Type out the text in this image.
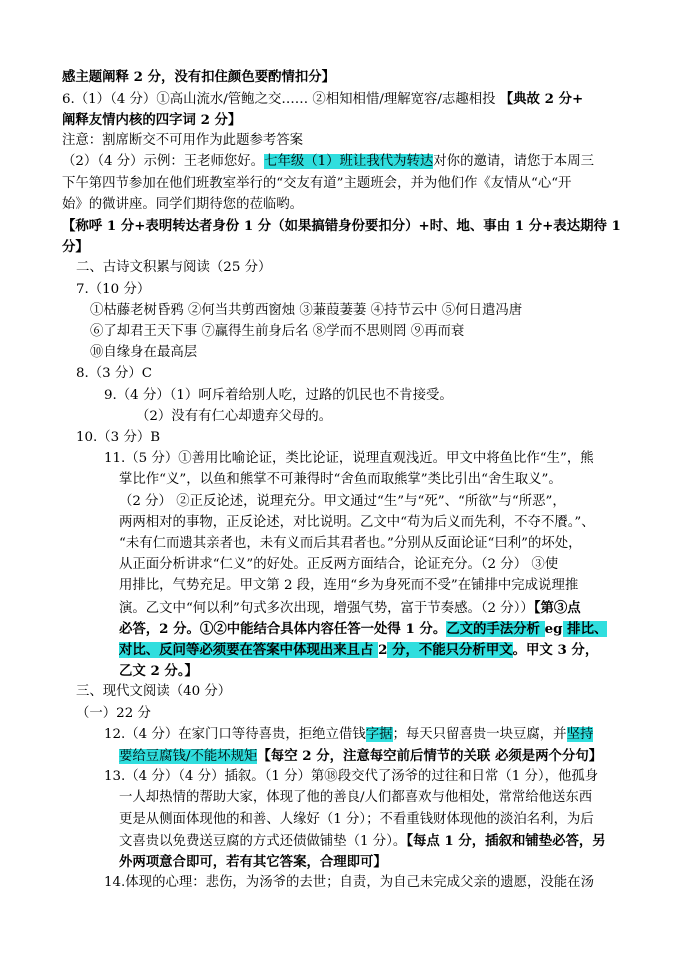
感主题阐释 2 分，没有扣住颜色要酌情扣分】
6.（1）（4 分）①高山流水/管鲍之交…… ②相知相惜/理解宽容/志趣相投 【典故 2 分+
阐释友情内核的四字词 2 分】
注意：割席断交不可用作为此题参考答案
（2）（4 分）示例：王老师您好。七年级（1）班让我代为转达对你的邀请，请您于本周三
下午第四节参加在他们班教室举行的“交友有道”主题班会，并为他们作《友情从“心“开
始》的微讲座。同学们期待您的莅临哟。
【称呼 1 分+表明转达者身份 1 分（如果搞错身份要扣分）+时、地、事由 1 分+表达期待 1
分】
二、古诗文积累与阅读（25 分）
7.（10 分）
①枯藤老树昏鸦 ②何当共剪西窗烛 ③蒹葭萋萋 ④持节云中 ⑤何日遣冯唐
⑥了却君王天下事 ⑦赢得生前身后名 ⑧学而不思则罔 ⑨再而衰
⑩自缘身在最高层
8.（3 分）C
9.（4 分）（1）呵斥着给别人吃，过路的饥民也不肯接受。
（2）没有有仁心却遗弃父母的。
10.（3 分）B
11.（5 分）①善用比喻论证，类比论证，说理直观浅近。甲文中将鱼比作“生”，熊
掌比作“义”，以鱼和熊掌不可兼得时“舍鱼而取熊掌”类比引出“舍生取义”。
（2 分） ②正反论述，说理充分。甲文通过“生”与“死”、“所欲”与“所恶”，
两两相对的事物，正反论述，对比说明。乙文中“苟为后义而先利，不夺不餍。”、
“未有仁而遗其亲者也，未有义而后其君者也。”分别从反面论证“曰利”的坏处，
从正面分析讲求“仁义”的好处。正反两方面结合，论证充分。（2 分） ③使
用排比，气势充足。甲文第 2 段，连用“乡为身死而不受”在铺排中完成说理推
演。乙文中“何以利”句式多次出现，增强气势，富于节奏感。（2 分））【第③点
必答，2 分。①②中能结合具体内容任答一处得 1 分。乙文的手法分析 eg 排比、
对比、反问等必须要在答案中体现出来且占 2 分，不能只分析甲文。甲文 3 分，
乙文 2 分。】
三、现代文阅读（40 分）
（一）22 分
12.（4 分）在家门口等待喜贵，拒绝立借钱字据；每天只留喜贵一块豆腐，并坚持
要给豆腐钱/不能坏规矩【每空 2 分，注意每空前后情节的关联 必须是两个分句】
13.（4 分）（4 分）插叙。（1 分）第⑱段交代了汤爷的过往和日常（1 分），他孤身
一人却热情的帮助大家，体现了他的善良/人们都喜欢与他相处，常常给他送东西
更是从侧面体现他的和善、人缘好（1 分）；不看重钱财体现他的淡泊名利，为后
文喜贵以免费送豆腐的方式还债做铺垫（1 分）。【每点 1 分，插叙和铺垫必答，另
外两项意合即可，若有其它答案，合理即可】
14.体现的心理：悲伤，为汤爷的去世；自责，为自己未完成父亲的遗愿，没能在汤
